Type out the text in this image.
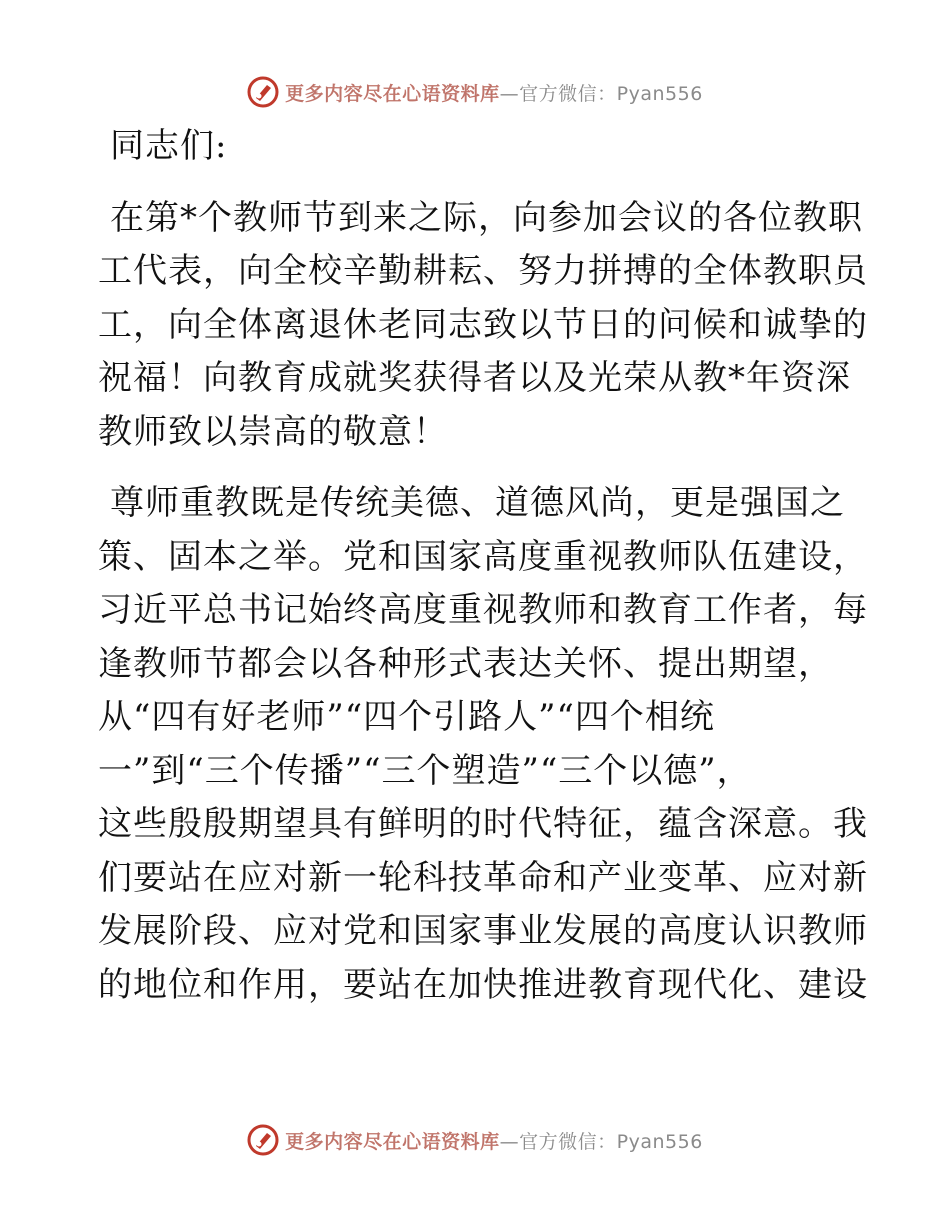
更多内容尽在心语资料库—官方微信：Pyan556

同志们:

在第*个教师节到来之际，向参加会议的各位教职
工代表，向全校辛勤耕耘、努力拼搏的全体教职员
工，向全体离退休老同志致以节日的问候和诚挚的
祝福！向教育成就奖获得者以及光荣从教*年资深
教师致以崇高的敬意！
尊师重教既是传统美德、道德风尚，更是强国之
策、固本之举。党和国家高度重视教师队伍建设，
习近平总书记始终高度重视教师和教育工作者，每
逢教师节都会以各种形式表达关怀、提出期望，
从“四有好老师”“四个引路人”“四个相统
一”到“三个传播”“三个塑造”“三个以德”，
这些殷殷期望具有鲜明的时代特征，蕴含深意。我
们要站在应对新一轮科技革命和产业变革、应对新
发展阶段、应对党和国家事业发展的高度认识教师
的地位和作用，要站在加快推进教育现代化、建设
更多内容尽在心语资料库—官方微信：Pyan556
